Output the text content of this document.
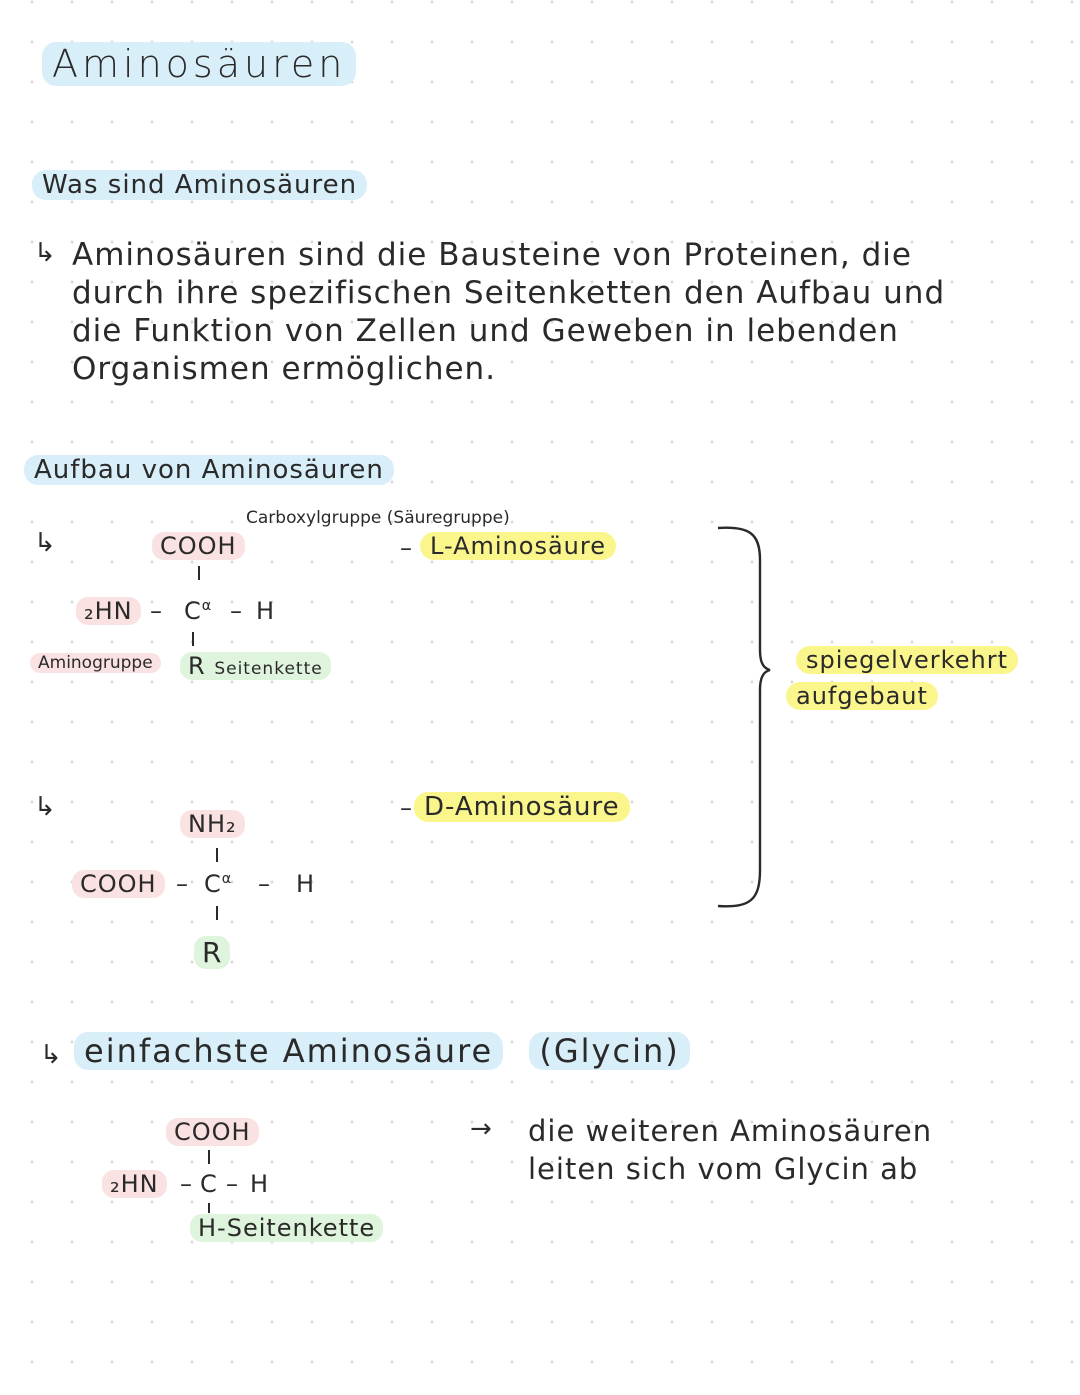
Aminosäuren
Was sind Aminosäuren
↳ Aminosäuren sind die Bausteine von Proteinen, die
durch ihre spezifischen Seitenketten den Aufbau und
die Funktion von Zellen und Geweben in lebenden
Organismen ermöglichen.
Aufbau von Aminosäuren
↳	COOH
Carboxylgruppe (Säuregruppe)
$_2HN - C^\alpha$ – H
Aminogruppe	R Seitenkette
– L-Aminosäure
↳
NH₂
COOH – $C^\alpha$ – H
R
– D-Aminosäure
spiegelverkehrt
aufgebaut
↳ einfachste Aminosäure (Glycin)
COOH
₂HN – C – H
H-Seitenkette
→ die weiteren Aminosäuren
leiten sich vom Glycin ab
